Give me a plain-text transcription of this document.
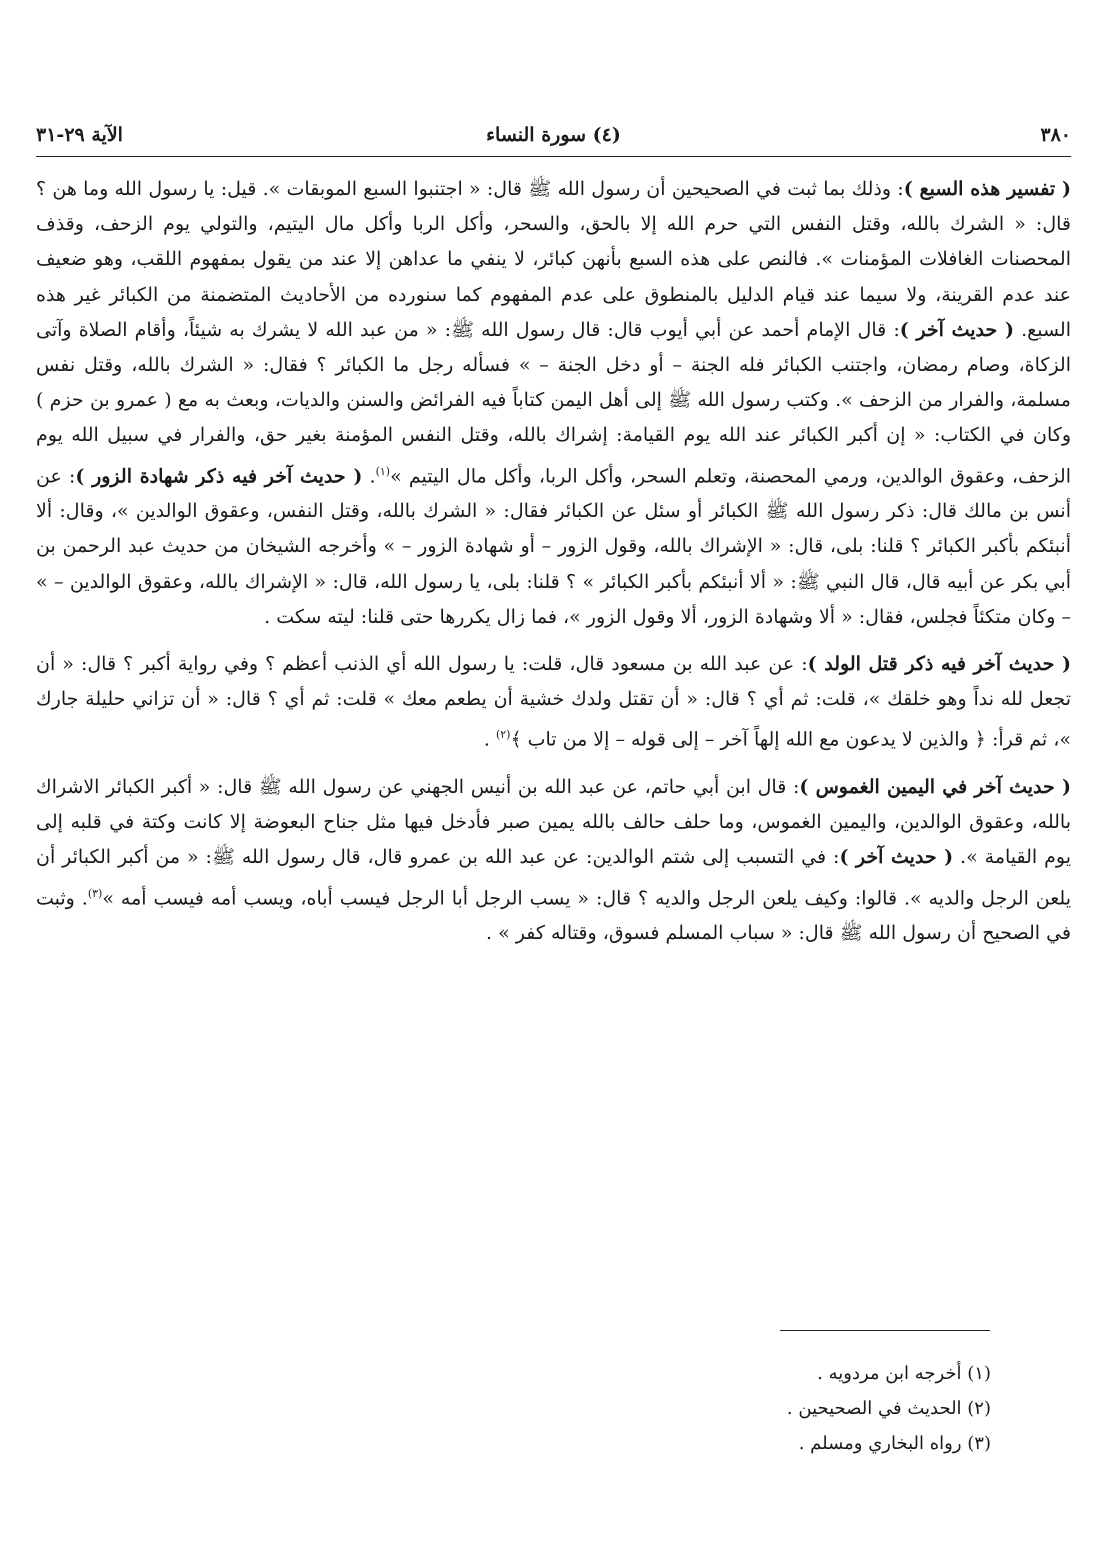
٣٨٠
(٤) سورة النساء
الآية ٢٩-٣١

( تفسير هذه السبع ): وذلك بما ثبت في الصحيحين أن رسول الله ﷺ قال: « اجتنبوا السبع الموبقات ». قيل: يا رسول الله وما هن ؟ قال: « الشرك بالله، وقتل النفس التي حرم الله إلا بالحق، والسحر، وأكل الربا وأكل مال اليتيم، والتولي يوم الزحف، وقذف المحصنات الغافلات المؤمنات ». فالنص على هذه السبع بأنهن كبائر، لا ينفي ما عداهن إلا عند من يقول بمفهوم اللقب، وهو ضعيف عند عدم القرينة، ولا سيما عند قيام الدليل بالمنطوق على عدم المفهوم كما سنورده من الأحاديث المتضمنة من الكبائر غير هذه السبع. ( حديث آخر ): قال الإمام أحمد عن أبي أيوب قال: قال رسول الله ﷺ: « من عبد الله لا يشرك به شيئاً، وأقام الصلاة وآتى الزكاة، وصام رمضان، واجتنب الكبائر فله الجنة – أو دخل الجنة – » فسأله رجل ما الكبائر ؟ فقال: « الشرك بالله، وقتل نفس مسلمة، والفرار من الزحف ». وكتب رسول الله ﷺ إلى أهل اليمن كتاباً فيه الفرائض والسنن والديات، وبعث به مع ( عمرو بن حزم ) وكان في الكتاب: « إن أكبر الكبائر عند الله يوم القيامة: إشراك بالله، وقتل النفس المؤمنة بغير حق، والفرار في سبيل الله يوم الزحف، وعقوق الوالدين، ورمي المحصنة، وتعلم السحر، وأكل الربا، وأكل مال اليتيم »$^{(١)}$. ( حديث آخر فيه ذكر شهادة الزور ): عن أنس بن مالك قال: ذكر رسول الله ﷺ الكبائر أو سئل عن الكبائر فقال: « الشرك بالله، وقتل النفس، وعقوق الوالدين »، وقال: ألا أنبئكم بأكبر الكبائر ؟ قلنا: بلى، قال: « الإشراك بالله، وقول الزور – أو شهادة الزور – » وأخرجه الشيخان من حديث عبد الرحمن بن أبي بكر عن أبيه قال، قال النبي ﷺ: « ألا أنبئكم بأكبر الكبائر » ؟ قلنا: بلى، يا رسول الله، قال: « الإشراك بالله، وعقوق الوالدين – » – وكان متكئاً فجلس، فقال: « ألا وشهادة الزور، ألا وقول الزور »، فما زال يكررها حتى قلنا: ليته سكت .

( حديث آخر فيه ذكر قتل الولد ): عن عبد الله بن مسعود قال، قلت: يا رسول الله أي الذنب أعظم ؟ وفي رواية أكبر ؟ قال: « أن تجعل لله نداً وهو خلقك »، قلت: ثم أي ؟ قال: « أن تقتل ولدك خشية أن يطعم معك » قلت: ثم أي ؟ قال: « أن تزاني حليلة جارك »، ثم قرأ: ﴿ والذين لا يدعون مع الله إلهاً آخر – إلى قوله – إلا من تاب ﴾$^{(٢)}$ .

( حديث آخر في اليمين الغموس ): قال ابن أبي حاتم، عن عبد الله بن أنيس الجهني عن رسول الله ﷺ قال: « أكبر الكبائر الاشراك بالله، وعقوق الوالدين، واليمين الغموس، وما حلف حالف بالله يمين صبر فأدخل فيها مثل جناح البعوضة إلا كانت وكتة في قلبه إلى يوم القيامة ». ( حديث آخر ): في التسبب إلى شتم الوالدين: عن عبد الله بن عمرو قال، قال رسول الله ﷺ: « من أكبر الكبائر أن يلعن الرجل والديه ». قالوا: وكيف يلعن الرجل والديه ؟ قال: « يسب الرجل أبا الرجل فيسب أباه، ويسب أمه فيسب أمه »$^{(٣)}$. وثبت في الصحيح أن رسول الله ﷺ قال: « سباب المسلم فسوق، وقتاله كفر » .

(١) أخرجه ابن مردويه .
(٢) الحديث في الصحيحين .
(٣) رواه البخاري ومسلم .
